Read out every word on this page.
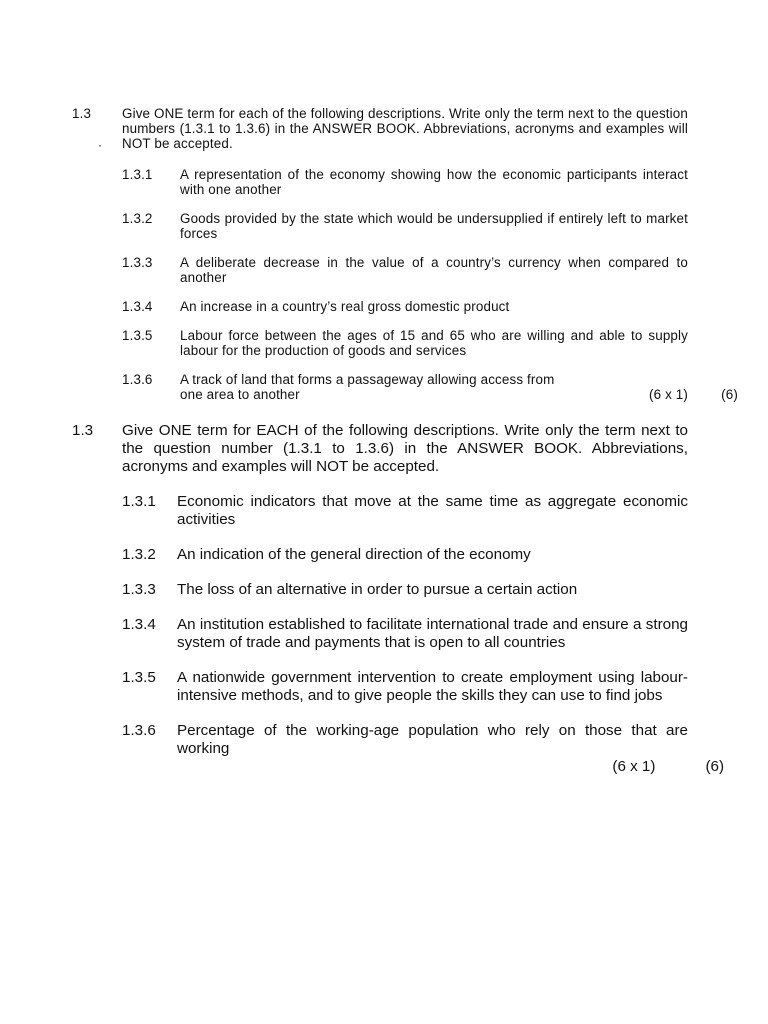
·
1.3	Give ONE term for each of the following descriptions. Write only the term next to the question numbers (1.3.1 to 1.3.6) in the ANSWER BOOK. Abbreviations, acronyms and examples will NOT be accepted.
1.3.1	A representation of the economy showing how the economic participants interact with one another
1.3.2	Goods provided by the state which would be undersupplied if entirely left to market forces
1.3.3	A deliberate decrease in the value of a country’s currency when compared to another
1.3.4	An increase in a country’s real gross domestic product
1.3.5	Labour force between the ages of 15 and 65 who are willing and able to supply labour for the production of goods and services
1.3.6	A track of land that forms a passageway allowing access from
one area to another	(6 x 1) (6)
1.3	Give ONE term for EACH of the following descriptions. Write only the term next to the question number (1.3.1 to 1.3.6) in the ANSWER BOOK. Abbreviations, acronyms and examples will NOT be accepted.
1.3.1	Economic indicators that move at the same time as aggregate economic activities
1.3.2	An indication of the general direction of the economy
1.3.3	The loss of an alternative in order to pursue a certain action
1.3.4	An institution established to facilitate international trade and ensure a strong system of trade and payments that is open to all countries
1.3.5	A nationwide government intervention to create employment using labour-intensive methods, and to give people the skills they can use to find jobs
1.3.6	Percentage of the working-age population who rely on those that are working
(6 x 1)	(6)
